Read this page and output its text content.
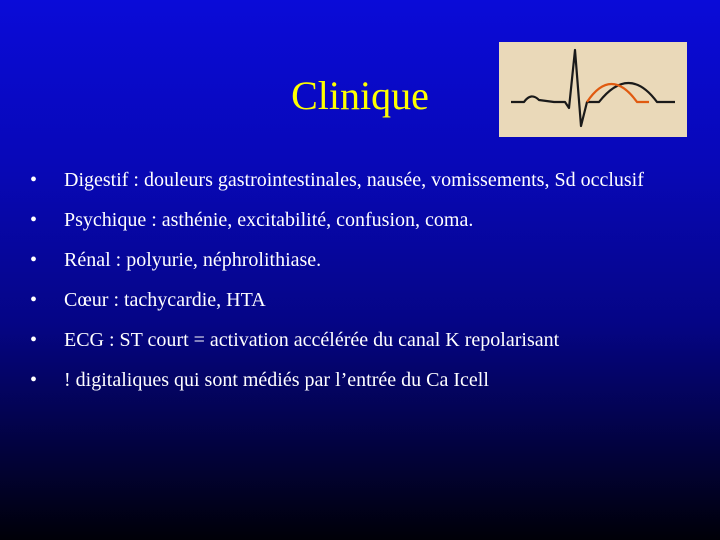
Clinique
• Digestif : douleurs gastrointestinales, nausée, vomissements, Sd occlusif
• Psychique : asthénie, excitabilité, confusion, coma.
• Rénal : polyurie, néphrolithiase.
• Cœur : tachycardie, HTA
• ECG : ST court = activation accélérée du canal K repolarisant
• ! digitaliques qui sont médiés par l’entrée du Ca Icell
